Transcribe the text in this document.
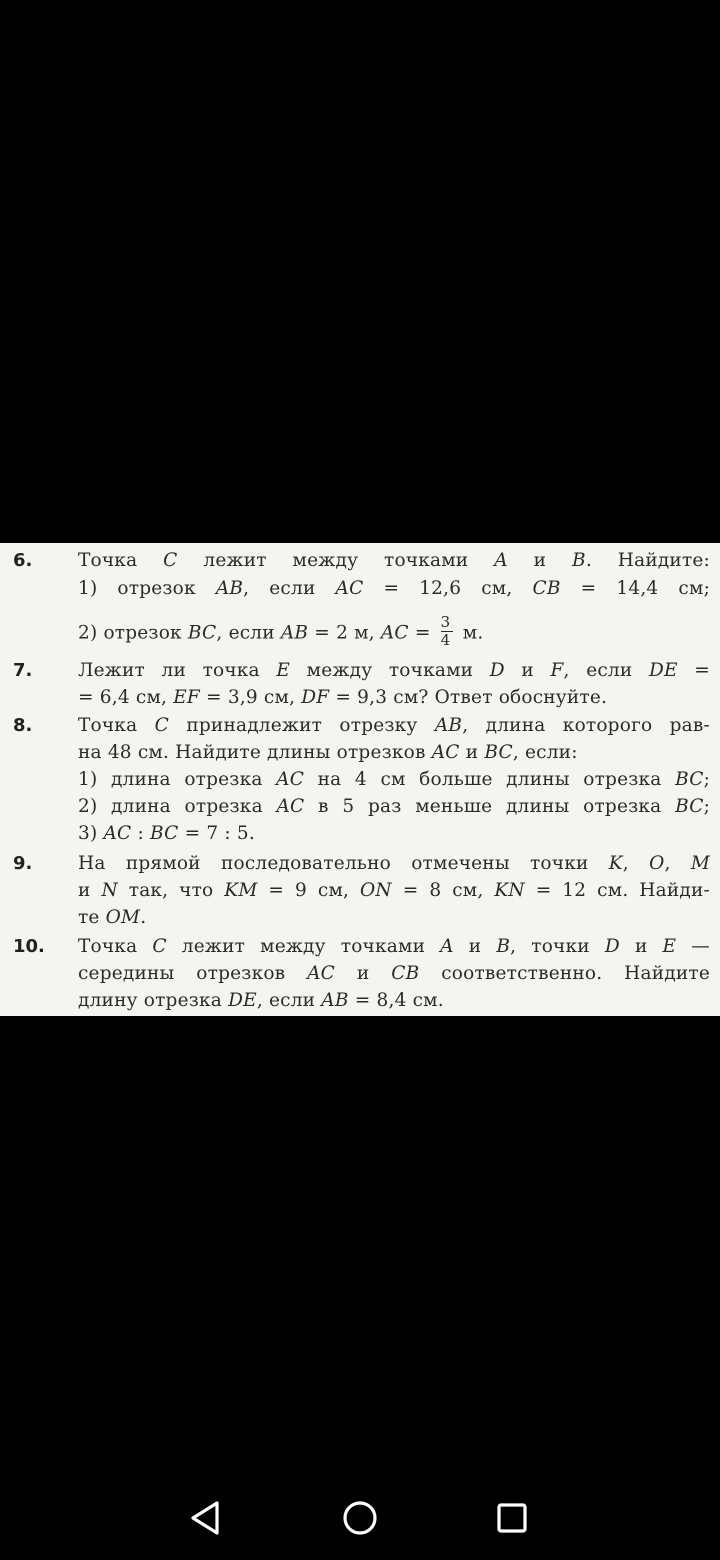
6. Точка C лежит между точками A и B. Найдите:
1) отрезок AB, если AC = 12,6 см, CB = 14,4 см;
2) отрезок BC, если AB = 2 м, AC = $\frac{3}{4} м$.
7. Лежит ли точка E между точками D и F, если DE =
= 6,4 см, EF = 3,9 см, DF = 9,3 см? Ответ обоснуйте.
8. Точка C принадлежит отрезку AB, длина которого рав-
на 48 см. Найдите длины отрезков AC и BC, если:
1) длина отрезка AC на 4 см больше длины отрезка BC;
2) длина отрезка AC в 5 раз меньше длины отрезка BC;
3) AC : BC = 7 : 5.
9. На прямой последовательно отмечены точки K, O, M
и N так, что KM = 9 см, ON = 8 см, KN = 12 см. Найди-
те OM.
10. Точка C лежит между точками A и B, точки D и E —
середины отрезков AC и CB соответственно. Найдите
длину отрезка DE, если AB = 8,4 см.
